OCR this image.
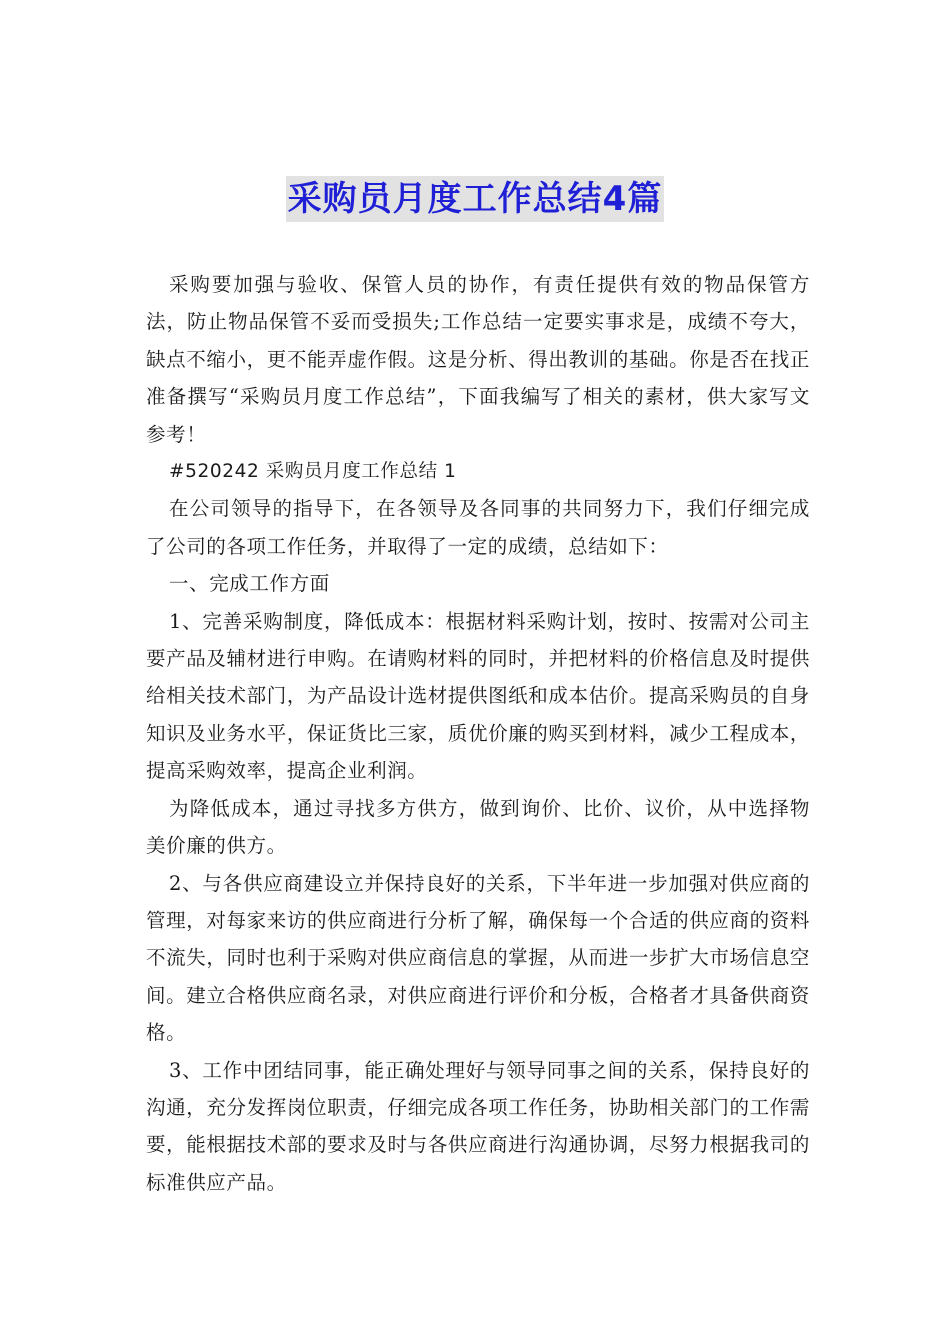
采购员月度工作总结4篇

采购要加强与验收、保管人员的协作，有责任提供有效的物品保管方法，防止物品保管不妥而受损失;工作总结一定要实事求是，成绩不夸大，缺点不缩小，更不能弄虚作假。这是分析、得出教训的基础。你是否在找正准备撰写“采购员月度工作总结”，下面我编写了相关的素材，供大家写文参考！

#520242 采购员月度工作总结 1

在公司领导的指导下，在各领导及各同事的共同努力下，我们仔细完成了公司的各项工作任务，并取得了一定的成绩，总结如下：

一、完成工作方面

1、完善采购制度，降低成本：根据材料采购计划，按时、按需对公司主要产品及辅材进行申购。在请购材料的同时，并把材料的价格信息及时提供给相关技术部门，为产品设计选材提供图纸和成本估价。提高采购员的自身知识及业务水平，保证货比三家，质优价廉的购买到材料，减少工程成本，提高采购效率，提高企业利润。

为降低成本，通过寻找多方供方，做到询价、比价、议价，从中选择物美价廉的供方。

2、与各供应商建设立并保持良好的关系，下半年进一步加强对供应商的管理，对每家来访的供应商进行分析了解，确保每一个合适的供应商的资料不流失，同时也利于采购对供应商信息的掌握，从而进一步扩大市场信息空间。建立合格供应商名录，对供应商进行评价和分板，合格者才具备供商资格。

3、工作中团结同事，能正确处理好与领导同事之间的关系，保持良好的沟通，充分发挥岗位职责，仔细完成各项工作任务，协助相关部门的工作需要，能根据技术部的要求及时与各供应商进行沟通协调，尽努力根据我司的标准供应产品。
